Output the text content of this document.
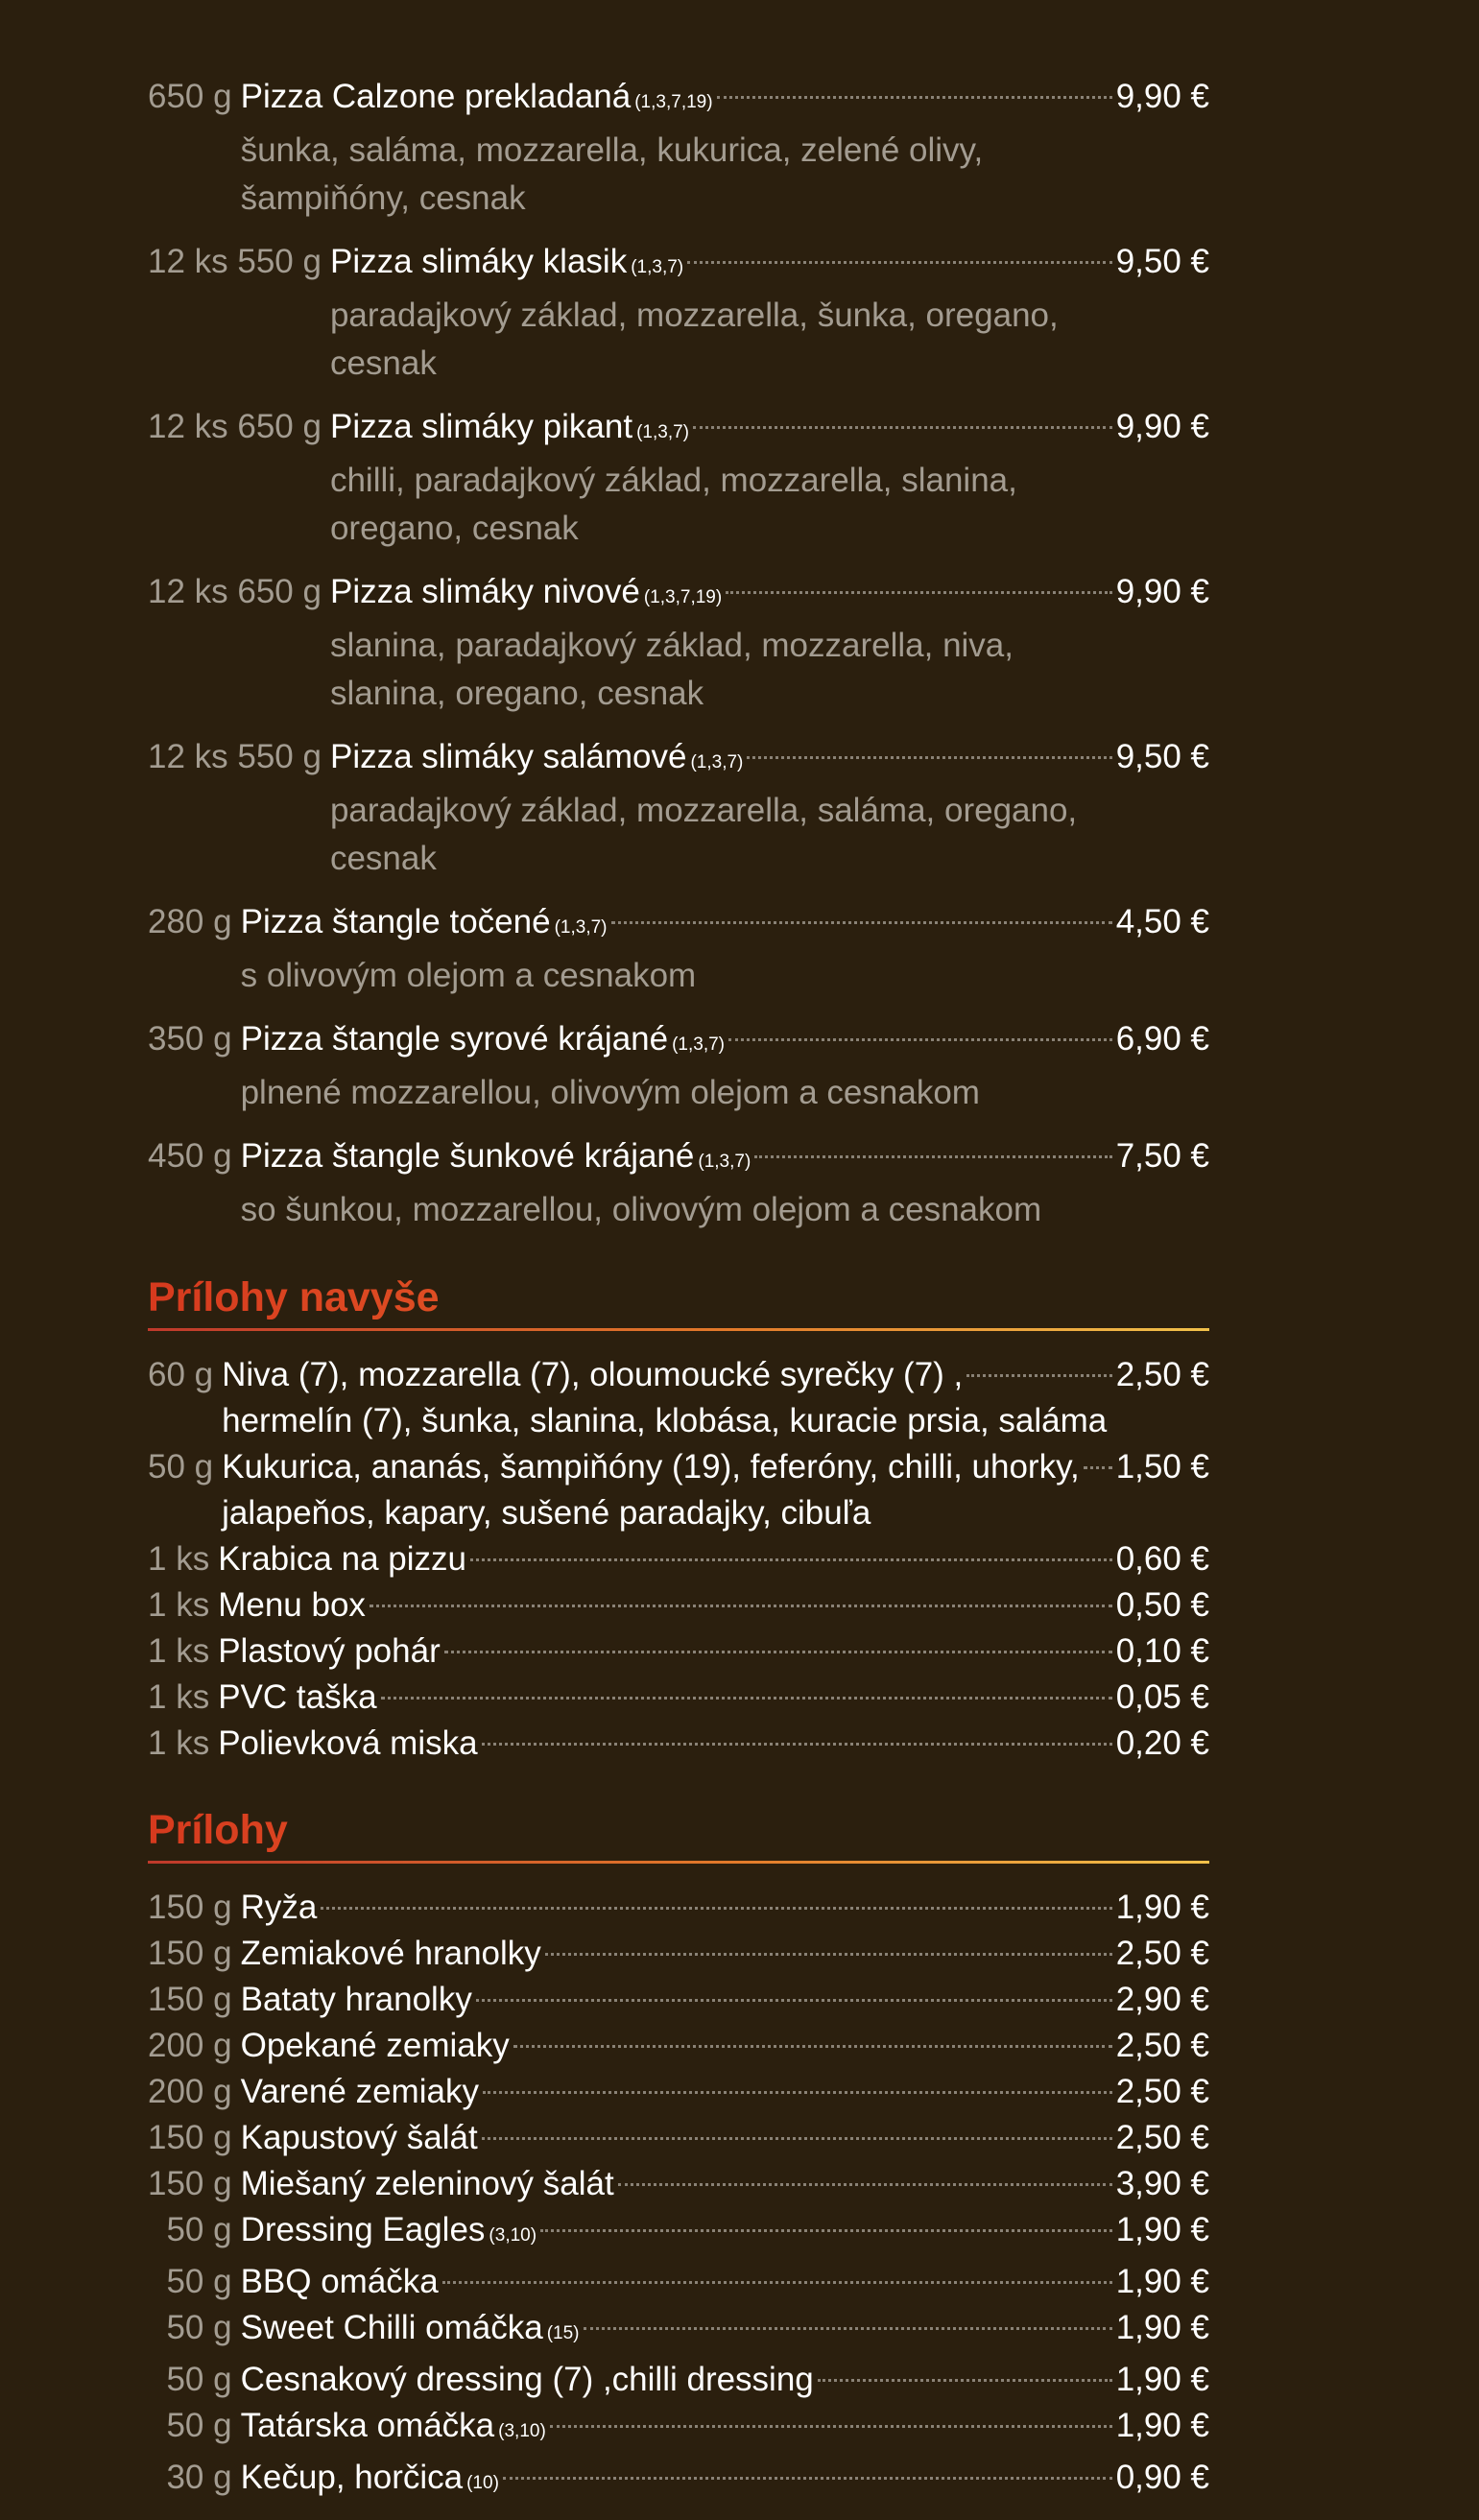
650 g Pizza Calzone prekladaná (1,3,7,19)	9,90 €
šunka, saláma, mozzarella, kukurica, zelené olivy,
šampiňóny, cesnak
12 ks 550 g Pizza slimáky klasik (1,3,7)	9,50 €
paradajkový základ, mozzarella, šunka, oregano,
cesnak
12 ks 650 g Pizza slimáky pikant (1,3,7)	9,90 €
chilli, paradajkový základ, mozzarella, slanina,
oregano, cesnak
12 ks 650 g Pizza slimáky nivové (1,3,7,19)	9,90 €
slanina, paradajkový základ, mozzarella, niva,
slanina, oregano, cesnak
12 ks 550 g Pizza slimáky salámové (1,3,7)	9,50 €
paradajkový základ, mozzarella, saláma, oregano,
cesnak
280 g Pizza štangle točené (1,3,7)	4,50 €
s olivovým olejom a cesnakom
350 g Pizza štangle syrové krájané (1,3,7)	6,90 €
plnené mozzarellou, olivovým olejom a cesnakom
450 g Pizza štangle šunkové krájané (1,3,7)	7,50 €
so šunkou, mozzarellou, olivovým olejom a cesnakom
Prílohy navyše
60 g Niva (7), mozzarella (7), oloumoucké syrečky (7) ,	2,50 €
hermelín (7), šunka, slanina, klobása, kuracie prsia, saláma
50 g Kukurica, ananás, šampiňóny (19), feferóny, chilli, uhorky, 1,50 €
jalapeňos, kapary, sušené paradajky, cibuľa
1 ks Krabica na pizzu	0,60 €
1 ks Menu box	0,50 €
1 ks Plastový pohár	0,10 €
1 ks PVC taška	0,05 €
1 ks Polievková miska	0,20 €
Prílohy
150 g Ryža	1,90 €
150 g Zemiakové hranolky	2,50 €
150 g Bataty hranolky	2,90 €
200 g Opekané zemiaky	2,50 €
200 g Varené zemiaky	2,50 €
150 g Kapustový šalát	2,50 €
150 g Miešaný zeleninový šalát	3,90 €
50 g Dressing Eagles (3,10)	1,90 €
50 g BBQ omáčka	1,90 €
50 g Sweet Chilli omáčka (15)	1,90 €
50 g Cesnakový dressing (7) ,chilli dressing	1,90 €
50 g Tatárska omáčka (3,10)	1,90 €
30 g Kečup, horčica (10)	0,90 €
